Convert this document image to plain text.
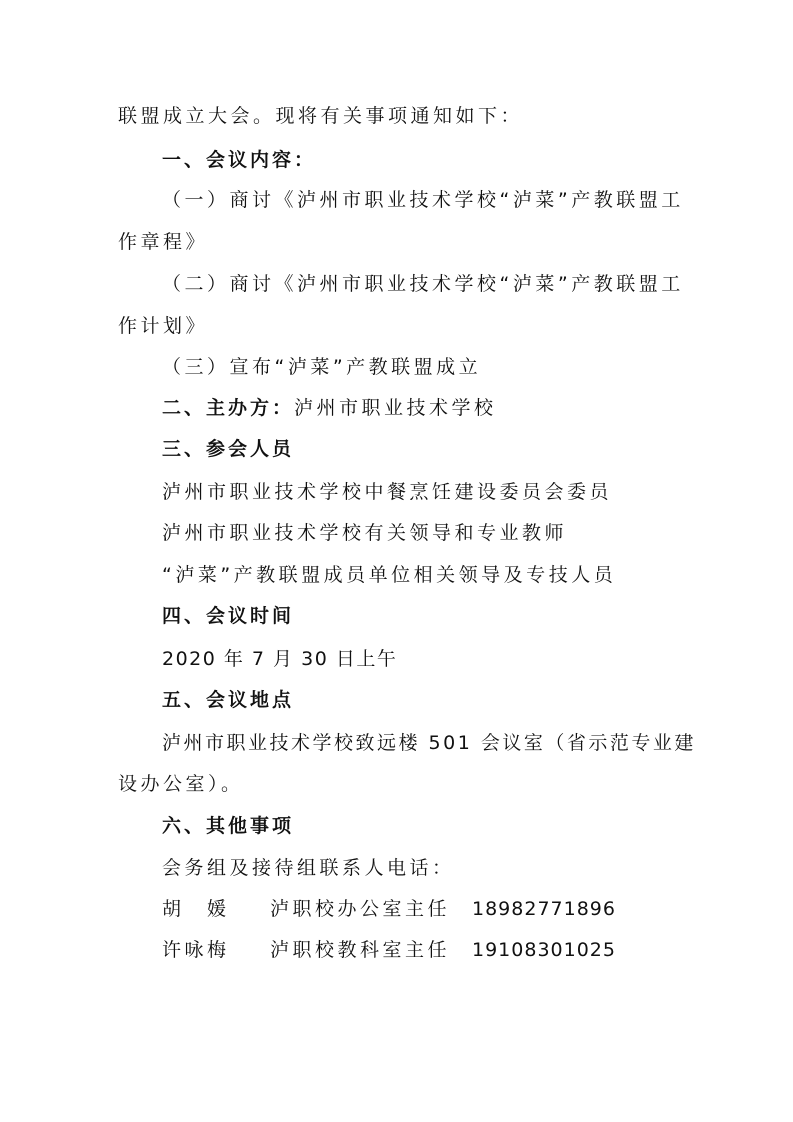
联盟成立大会。现将有关事项通知如下：
一、会议内容：
（一）商讨《泸州市职业技术学校“泸菜”产教联盟工
作章程》
（二）商讨《泸州市职业技术学校“泸菜”产教联盟工
作计划》
（三）宣布“泸菜”产教联盟成立
二、主办方：泸州市职业技术学校
三、参会人员
泸州市职业技术学校中餐烹饪建设委员会委员
泸州市职业技术学校有关领导和专业教师
“泸菜”产教联盟成员单位相关领导及专技人员
四、会议时间
2020 年 7 月 30 日上午
五、会议地点
泸州市职业技术学校致远楼 501 会议室（省示范专业建
设办公室）。
六、其他事项
会务组及接待组联系人电话：
胡　媛 泸职校办公室主任 18982771896
许咏梅 泸职校教科室主任 19108301025
